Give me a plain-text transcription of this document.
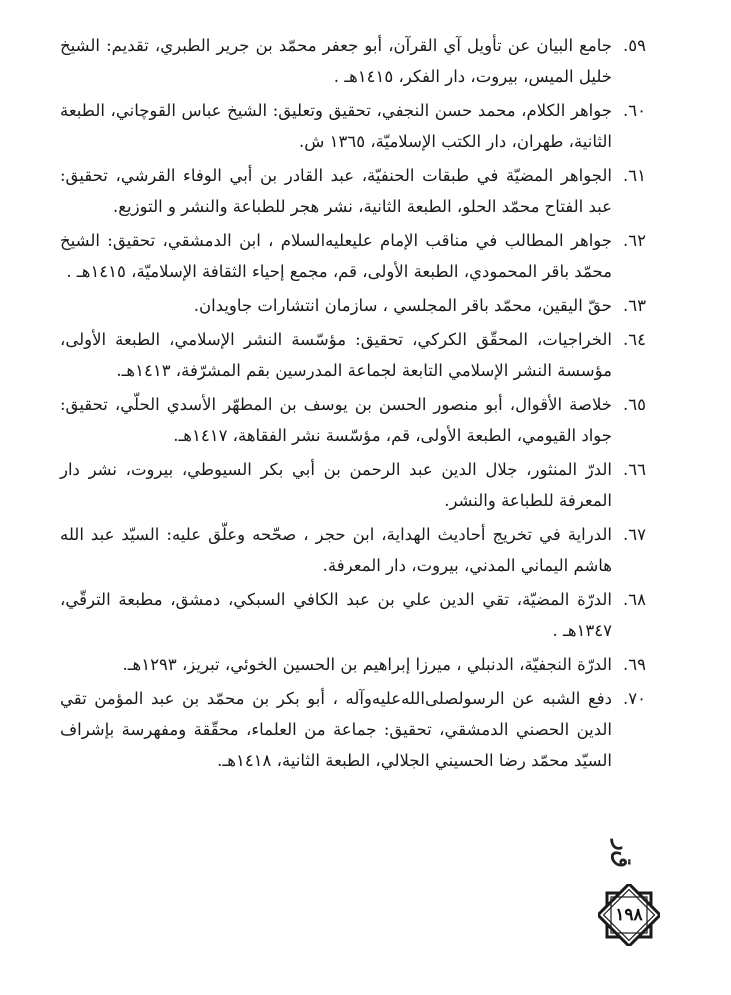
٥٩.
جامع البيان عن تأويل آي القرآن، أبو جعفر محمّد بن جرير الطبري، تقديم: الشيخ خليل الميس، بيروت، دار الفكر، ١٤١٥هـ .
٦٠.
جواهر الكلام، محمد حسن النجفي، تحقيق وتعليق: الشيخ عباس القوچاني، الطبعة الثانية، طهران، دار الكتب الإسلاميّة، ١٣٦٥ ش.
٦١.
الجواهر المضيّة في طبقات الحنفيّة، عبد القادر بن أبي الوفاء القرشي، تحقيق: عبد الفتاح محمّد الحلو، الطبعة الثانية، نشر هجر للطباعة والنشر و التوزيع.
٦٢.
جواهر المطالب في مناقب الإمام عليعليه‌السلام ، ابن الدمشقي، تحقيق: الشيخ محمّد باقر المحمودي، الطبعة الأولى، قم، مجمع إحياء الثقافة الإسلاميّة، ١٤١٥هـ .
٦٣.
حقّ اليقين، محمّد باقر المجلسي ، سازمان انتشارات جاويدان.
٦٤.
الخراجيات، المحقّق الكركي، تحقيق: مؤسّسة النشر الإسلامي، الطبعة الأولى، مؤسسة النشر الإسلامي التابعة لجماعة المدرسين بقم المشرّفة، ١٤١٣هـ.
٦٥.
خلاصة الأقوال، أبو منصور الحسن بن يوسف بن المطهّر الأسدي الحلّي، تحقيق: جواد القيومي، الطبعة الأولى، قم، مؤسّسة نشر الفقاهة، ١٤١٧هـ.
٦٦.
الدرّ المنثور، جلال الدين عبد الرحمن بن أبي بكر السيوطي، بيروت، نشر دار المعرفة للطباعة والنشر.
٦٧.
الدراية في تخريج أحاديث الهداية، ابن حجر ، صحّحه وعلّق عليه: السيّد عبد الله هاشم اليماني المدني، بيروت، دار المعرفة.
٦٨.
الدرّة المضيّة، تقي الدين علي بن عبد الكافي السبكي، دمشق، مطبعة الترقّي، ١٣٤٧هـ .
٦٩.
الدرّة النجفيّة، الدنبلي ، ميرزا إبراهيم بن الحسين الخوئي، تبريز، ١٢٩٣هـ.
٧٠.
دفع الشبه عن الرسولصلى‌الله‌عليه‌وآله ، أبو بكر بن محمّد بن عبد المؤمن تقي الدين الحصني الدمشقي، تحقيق: جماعة من العلماء، محقّقة ومفهرسة بإشراف السيّد محمّد رضا الحسيني الجلالي، الطبعة الثانية، ١٤١٨هـ.
ﻕﺭ
١٩٨
